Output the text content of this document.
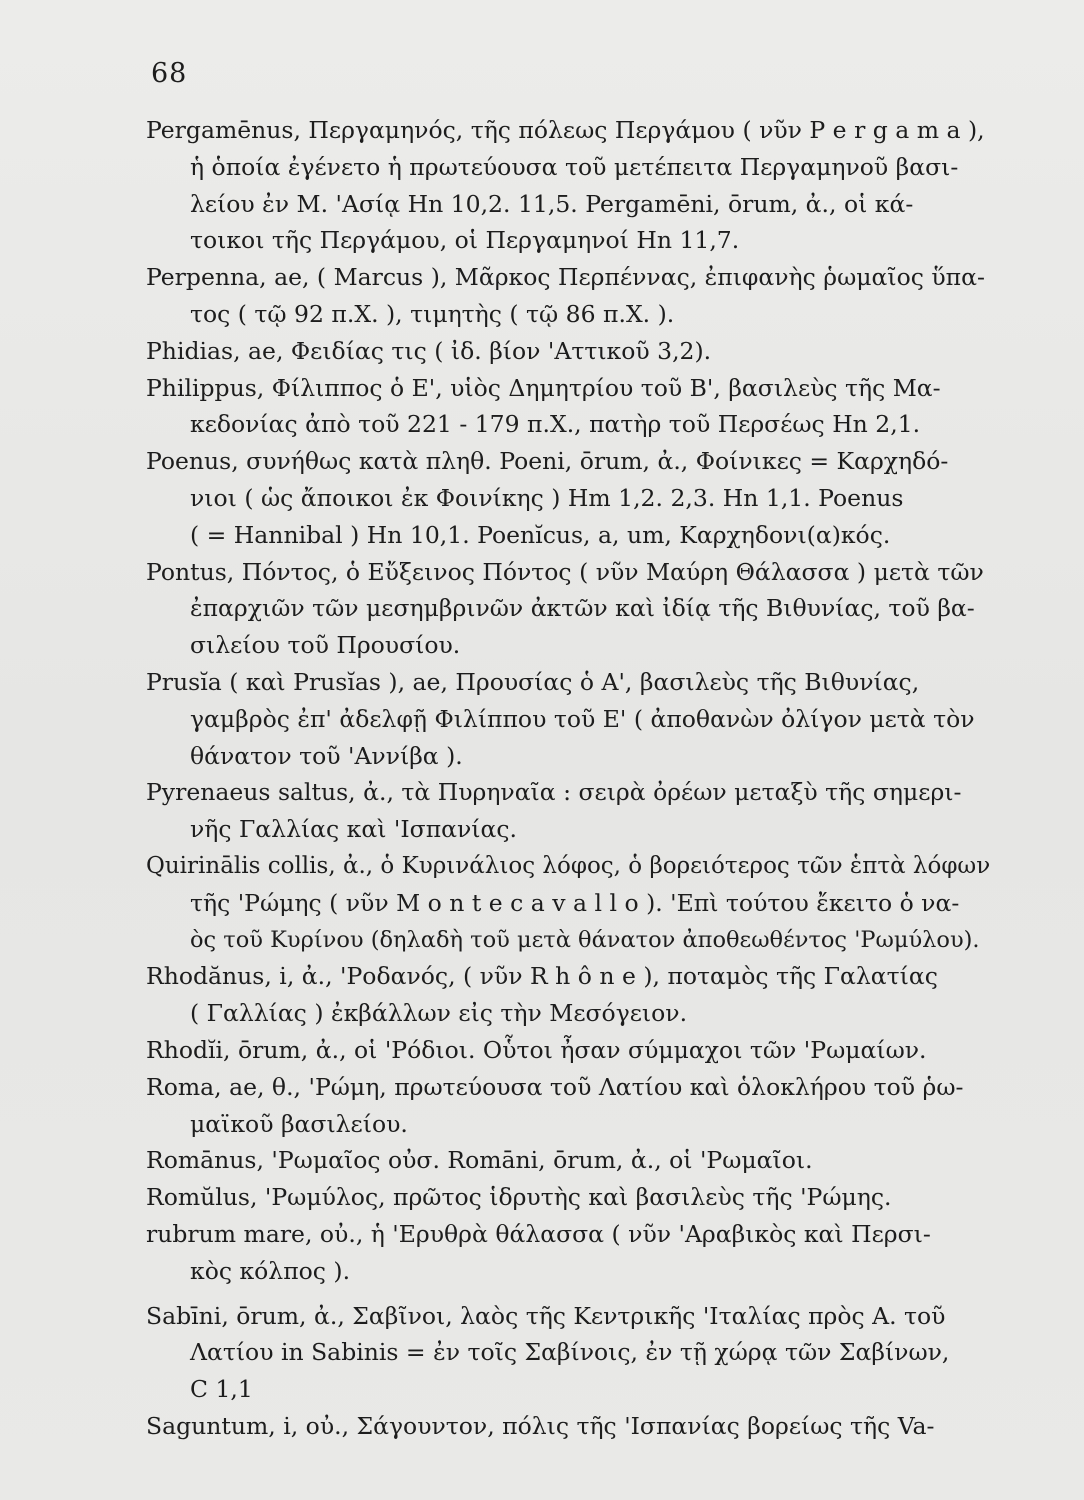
68
Pergamēnus, Περγαμηνός, τῆς πόλεως Περγάμου ( νῦν P e r g a m a ),
ἡ ὁποία ἐγένετο ἡ πρωτεύουσα τοῦ μετέπειτα Περγαμηνοῦ βασι-
λείου ἐν Μ. 'Ασίᾳ Hn 10,2. 11,5. Pergamēni, ōrum, ἀ., οἱ κά-
τοικοι τῆς Περγάμου, οἱ Περγαμηνοί Hn 11,7.
Perpenna, ae, ( Marcus ), Μᾶρκος Περπέννας, ἐπιφανὴς ῥωμαῖος ὕπα-
τος ( τῷ 92 π.Χ. ), τιμητὴς ( τῷ 86 π.Χ. ).
Phidias, ae, Φειδίας τις ( ἰδ. βίον 'Αττικοῦ 3,2).
Philippus, Φίλιππος ὁ Ε', υἱὸς Δημητρίου τοῦ Β', βασιλεὺς τῆς Μα-
κεδονίας ἀπὸ τοῦ 221 - 179 π.Χ., πατὴρ τοῦ Περσέως Hn 2,1.
Poenus, συνήθως κατὰ πληθ. Poeni, ōrum, ἀ., Φοίνικες = Καρχηδό-
νιοι ( ὡς ἄποικοι ἐκ Φοινίκης ) Hm 1,2. 2,3. Hn 1,1. Poenus
( = Hannibal ) Hn 10,1. Poenĭcus, a, um, Καρχηδονι(α)κός.
Pontus, Πόντος, ὁ Εὔξεινος Πόντος ( νῦν Μαύρη Θάλασσα ) μετὰ τῶν
ἐπαρχιῶν τῶν μεσημβρινῶν ἀκτῶν καὶ ἰδίᾳ τῆς Βιθυνίας, τοῦ βα-
σιλείου τοῦ Προυσίου.
Prusĭa ( καὶ Prusĭas ), ae, Προυσίας ὁ Α', βασιλεὺς τῆς Βιθυνίας,
γαμβρὸς ἐπ' ἀδελφῇ Φιλίππου τοῦ Ε' ( ἀποθανὼν ὀλίγον μετὰ τὸν
θάνατον τοῦ 'Αννίβα ).
Pyrenaeus saltus, ἀ., τὰ Πυρηναῖα : σειρὰ ὀρέων μεταξὺ τῆς σημερι-
νῆς Γαλλίας καὶ 'Ισπανίας.
Quirinālis collis, ἀ., ὁ Κυρινάλιος λόφος, ὁ βορειότερος τῶν ἑπτὰ λόφων
τῆς 'Ρώμης ( νῦν M o n t e c a v a l l o ). 'Επὶ τούτου ἔκειτο ὁ να-
ὸς τοῦ Κυρίνου (δηλαδὴ τοῦ μετὰ θάνατον ἀποθεωθέντος 'Ρωμύλου).
Rhodănus, i, ἀ., 'Ροδανός, ( νῦν R h ô n e ), ποταμὸς τῆς Γαλατίας
( Γαλλίας ) ἐκβάλλων εἰς τὴν Μεσόγειον.
Rhodĭi, ōrum, ἀ., οἱ 'Ρόδιοι. Οὗτοι ἦσαν σύμμαχοι τῶν 'Ρωμαίων.
Roma, ae, θ., 'Ρώμη, πρωτεύουσα τοῦ Λατίου καὶ ὁλοκλήρου τοῦ ῥω-
μαϊκοῦ βασιλείου.
Romānus, 'Ρωμαῖος οὐσ. Romāni, ōrum, ἀ., οἱ 'Ρωμαῖοι.
Romŭlus, 'Ρωμύλος, πρῶτος ἱδρυτὴς καὶ βασιλεὺς τῆς 'Ρώμης.
rubrum mare, οὐ., ἡ 'Ερυθρὰ θάλασσα ( νῦν 'Αραβικὸς καὶ Περσι-
κὸς κόλπος ).
Sabīni, ōrum, ἀ., Σαβῖνοι, λαὸς τῆς Κεντρικῆς 'Ιταλίας πρὸς Α. τοῦ
Λατίου in Sabinis = ἐν τοῖς Σαβίνοις, ἐν τῇ χώρᾳ τῶν Σαβίνων,
C 1,1
Saguntum, i, οὐ., Σάγουντον, πόλις τῆς 'Ισπανίας βορείως τῆς Va-
